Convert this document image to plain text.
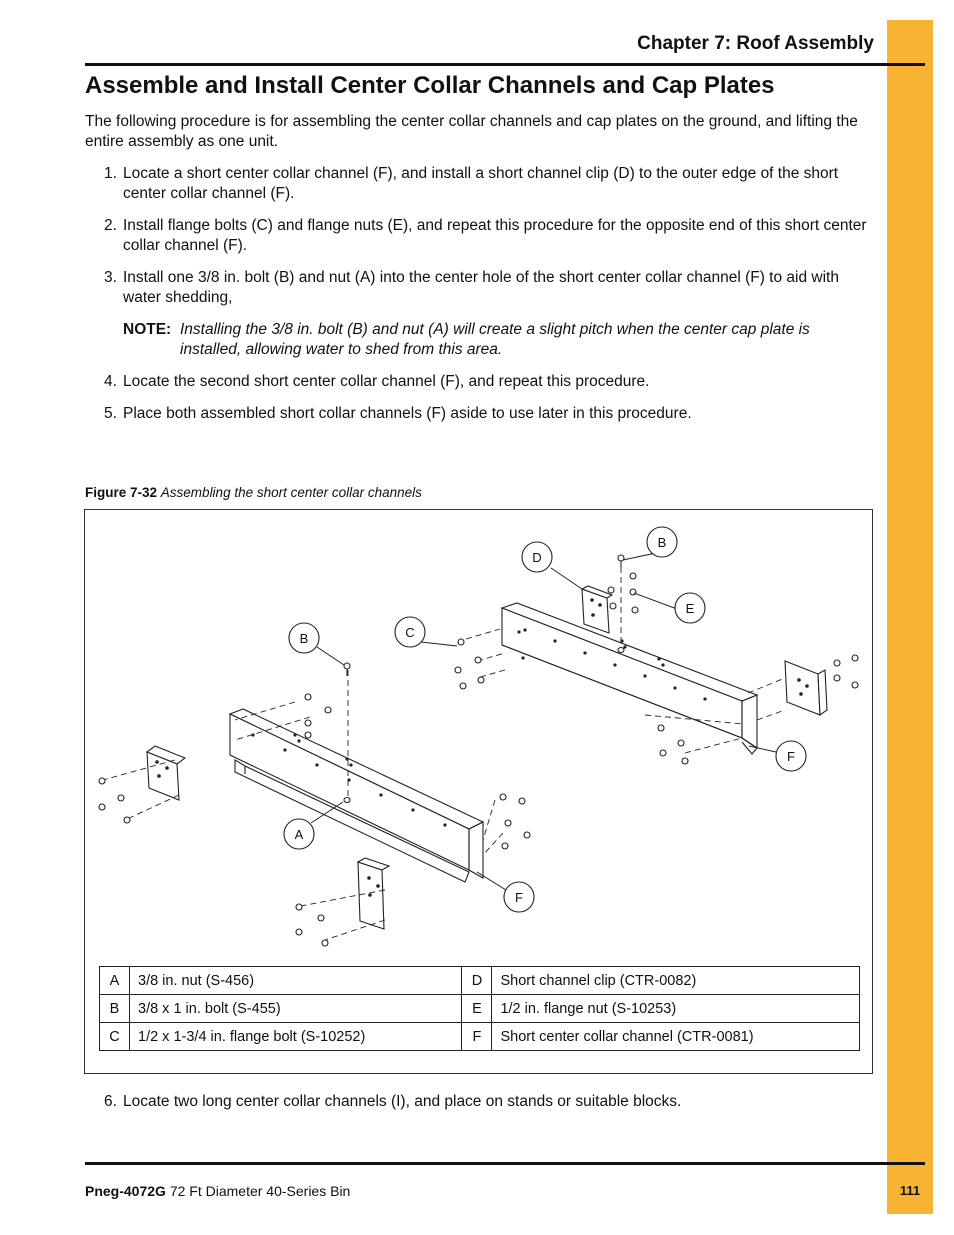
111
Chapter 7: Roof Assembly
Assemble and Install Center Collar Channels and Cap Plates
The following procedure is for assembling the center collar channels and cap plates on the ground, and lifting the entire assembly as one unit.
1. Locate a short center collar channel (F), and install a short channel clip (D) to the outer edge of the short center collar channel (F).
2. Install flange bolts (C) and flange nuts (E), and repeat this procedure for the opposite end of this short center collar channel (F).
3. Install one 3/8 in. bolt (B) and nut (A) into the center hole of the short center collar channel (F) to aid with water shedding,
NOTE: Installing the 3/8 in. bolt (B) and nut (A) will create a slight pitch when the center cap plate is installed, allowing water to shed from this area.
4. Locate the second short center collar channel (F), and repeat this procedure.
5. Place both assembled short collar channels (F) aside to use later in this procedure.
Figure 7-32 Assembling the short center collar channels
D
B
E
C
B
A
F
F
A	3/8 in. nut (S-456)	D	Short channel clip (CTR-0082)
B	3/8 x 1 in. bolt (S-455)	E	1/2 in. flange nut (S-10253)
C	1/2 x 1-3/4 in. flange bolt (S-10252)	F	Short center collar channel (CTR-0081)
6. Locate two long center collar channels (I), and place on stands or suitable blocks.
Pneg-4072G 72 Ft Diameter 40-Series Bin
